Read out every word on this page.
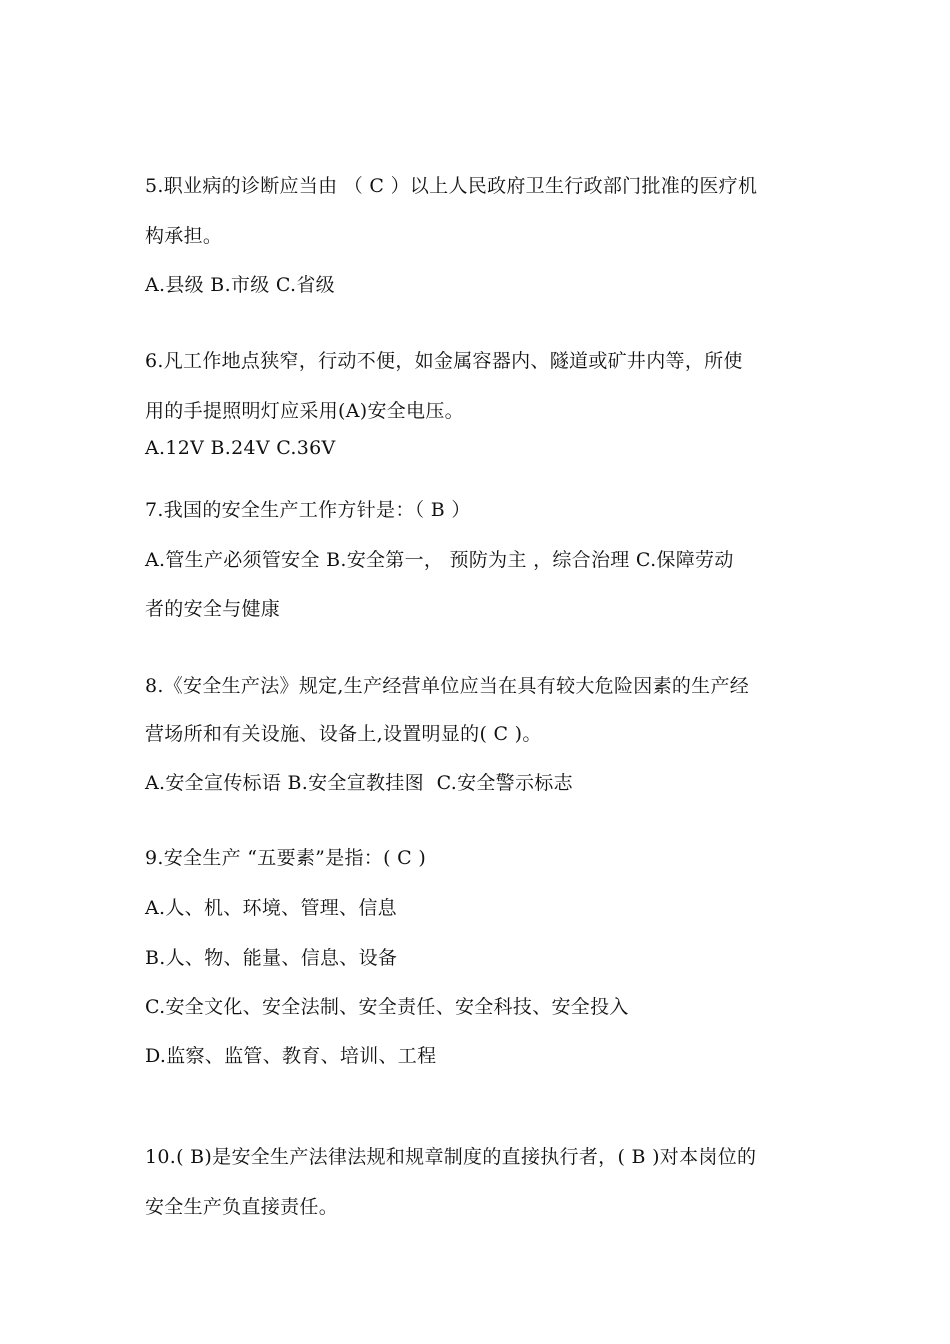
5.职业病的诊断应当由 （ C ）以上人民政府卫生行政部门批准的医疗机
构承担。
A.县级 B.市级 C.省级
6.凡工作地点狭窄，行动不便，如金属容器内、隧道或矿井内等，所使
用的手提照明灯应采用(A)安全电压。
A.12V B.24V C.36V
7.我国的安全生产工作方针是：（ B ）
A.管生产必须管安全 B.安全第一， 预防为主 ，综合治理 C.保障劳动
者的安全与健康
8.《安全生产法》规定,生产经营单位应当在具有较大危险因素的生产经
营场所和有关设施、设备上,设置明显的( C )。
A.安全宣传标语 B.安全宣教挂图  C.安全警示标志
9.安全生产 “五要素”是指：( C )
A.人、机、环境、管理、信息
B.人、物、能量、信息、设备
C.安全文化、安全法制、安全责任、安全科技、安全投入
D.监察、监管、教育、培训、工程
10.( B)是安全生产法律法规和规章制度的直接执行者，( B )对本岗位的
安全生产负直接责任。
